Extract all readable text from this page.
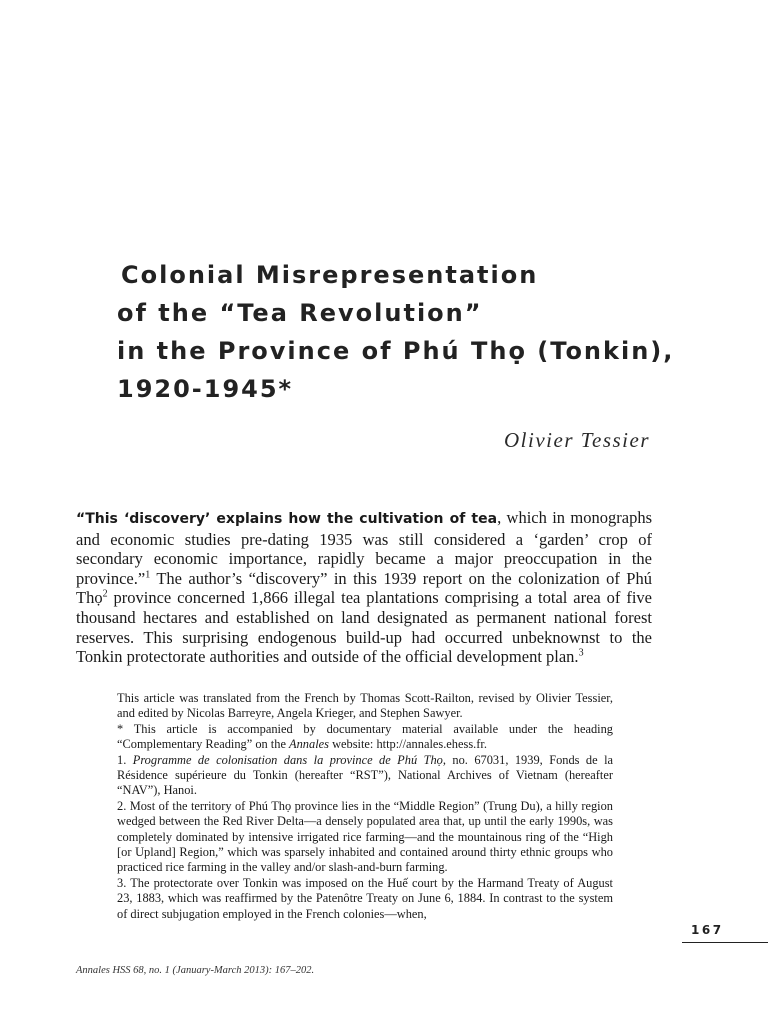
Colonial Misrepresentation
of the “Tea Revolution”
in the Province of Phú Thọ (Tonkin),
1920-1945*
Olivier Tessier
“This ‘discovery’ explains how the cultivation of tea, which in monographs and economic studies pre-dating 1935 was still considered a ‘garden’ crop of secondary economic importance, rapidly became a major preoccupation in the province.”$^1$ The author’s “discovery” in this 1939 report on the colonization of Phú Thọ$^2$ province concerned 1,866 illegal tea plantations comprising a total area of five thousand hectares and established on land designated as permanent national forest reserves. This surprising endogenous build-up had occurred unbeknownst to the Tonkin protectorate authorities and outside of the official development plan.$^3$

This article was translated from the French by Thomas Scott-Railton, revised by Olivier Tessier, and edited by Nicolas Barreyre, Angela Krieger, and Stephen Sawyer.

* This article is accompanied by documentary material available under the heading “Complementary Reading” on the Annales website: http://annales.ehess.fr.

1. Programme de colonisation dans la province de Phú Thọ, no. 67031, 1939, Fonds de la Résidence supérieure du Tonkin (hereafter “RST”), National Archives of Vietnam (hereafter “NAV”), Hanoi.

2. Most of the territory of Phú Thọ province lies in the “Middle Region” (Trung Du), a hilly region wedged between the Red River Delta—a densely populated area that, up until the early 1990s, was completely dominated by intensive irrigated rice farming—and the mountainous ring of the “High [or Upland] Region,” which was sparsely inhabited and contained around thirty ethnic groups who practiced rice farming in the valley and/or slash-and-burn farming.

3. The protectorate over Tonkin was imposed on the Huế court by the Harmand Treaty of August 23, 1883, which was reaffirmed by the Patenôtre Treaty on June 6, 1884. In contrast to the system of direct subjugation employed in the French colonies—when,

167
Annales HSS 68, no. 1 (January-March 2013): 167–202.
